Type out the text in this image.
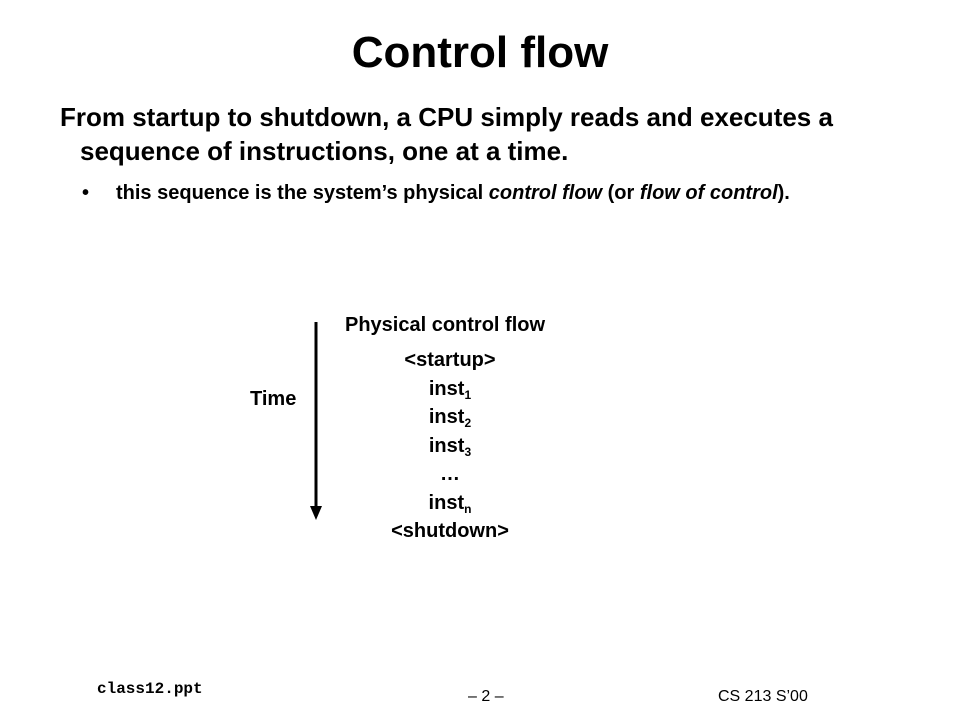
Control flow
From startup to shutdown, a CPU simply reads and executes a sequence of instructions, one at a time.
•	this sequence is the system’s physical control flow (or flow of control).
Physical control flow
Time
<startup>
inst$_1$
inst$_2$
inst$_3$
…
inst$_n$
<shutdown>
class12.ppt	– 2 –	CS 213 S’00
